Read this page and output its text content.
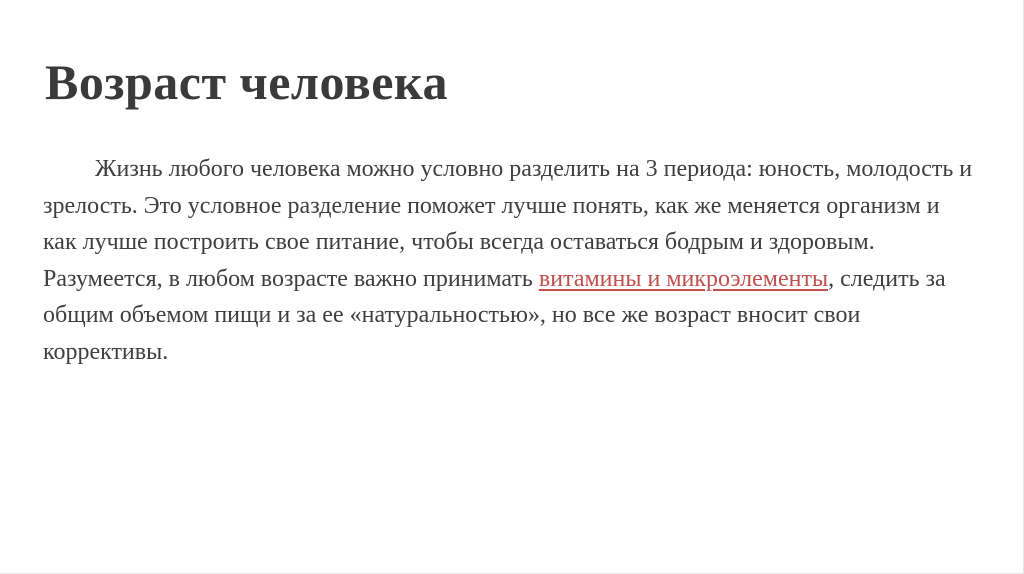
Возраст человека

Жизнь любого человека можно условно разделить на 3 периода: юность, молодость и зрелость. Это условное разделение поможет лучше понять, как же меняется организм и как лучше построить свое питание, чтобы всегда оставаться бодрым и здоровым. Разумеется, в любом возрасте важно принимать витамины и микроэлементы, следить за общим объемом пищи и за ее «натуральностью», но все же возраст вносит свои коррективы.
